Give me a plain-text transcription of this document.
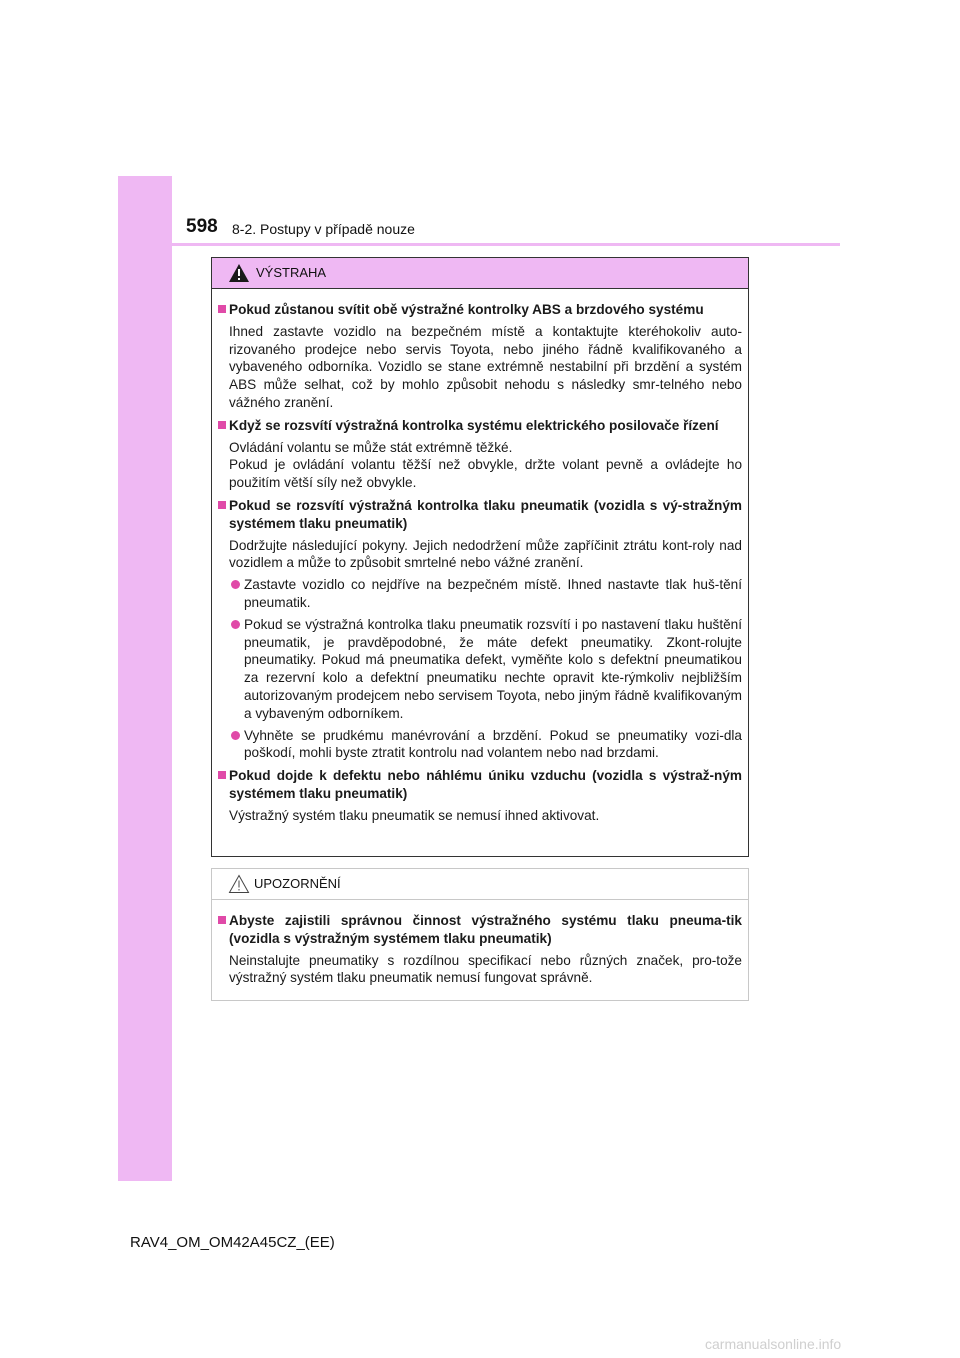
598 8-2. Postupy v případě nouze
VÝSTRAHA
Pokud zůstanou svítit obě výstražné kontrolky ABS a brzdového systému
Ihned zastavte vozidlo na bezpečném místě a kontaktujte kteréhokoliv auto-rizovaného prodejce nebo servis Toyota, nebo jiného řádně kvalifikovaného a vybaveného odborníka. Vozidlo se stane extrémně nestabilní při brzdění a systém ABS může selhat, což by mohlo způsobit nehodu s následky smr-telného nebo vážného zranění.
Když se rozsvítí výstražná kontrolka systému elektrického posilovače řízení
Ovládání volantu se může stát extrémně těžké.
Pokud je ovládání volantu těžší než obvykle, držte volant pevně a ovládejte ho použitím větší síly než obvykle.
Pokud se rozsvítí výstražná kontrolka tlaku pneumatik (vozidla s vý-stražným systémem tlaku pneumatik)
Dodržujte následující pokyny. Jejich nedodržení může zapříčinit ztrátu kont-roly nad vozidlem a může to způsobit smrtelné nebo vážné zranění.
Zastavte vozidlo co nejdříve na bezpečném místě. Ihned nastavte tlak huš-tění pneumatik.
Pokud se výstražná kontrolka tlaku pneumatik rozsvítí i po nastavení tlaku huštění pneumatik, je pravděpodobné, že máte defekt pneumatiky. Zkont-rolujte pneumatiky. Pokud má pneumatika defekt, vyměňte kolo s defektní pneumatikou za rezervní kolo a defektní pneumatiku nechte opravit kte-rýmkoliv nejbližším autorizovaným prodejcem nebo servisem Toyota, nebo jiným řádně kvalifikovaným a vybaveným odborníkem.
Vyhněte se prudkému manévrování a brzdění. Pokud se pneumatiky vozi-dla poškodí, mohli byste ztratit kontrolu nad volantem nebo nad brzdami.
Pokud dojde k defektu nebo náhlému úniku vzduchu (vozidla s výstraž-ným systémem tlaku pneumatik)
Výstražný systém tlaku pneumatik se nemusí ihned aktivovat.
UPOZORNĚNÍ
Abyste zajistili správnou činnost výstražného systému tlaku pneuma-tik (vozidla s výstražným systémem tlaku pneumatik)
Neinstalujte pneumatiky s rozdílnou specifikací nebo různých značek, pro-tože výstražný systém tlaku pneumatik nemusí fungovat správně.
RAV4_OM_OM42A45CZ_(EE)
carmanualsonline.info
